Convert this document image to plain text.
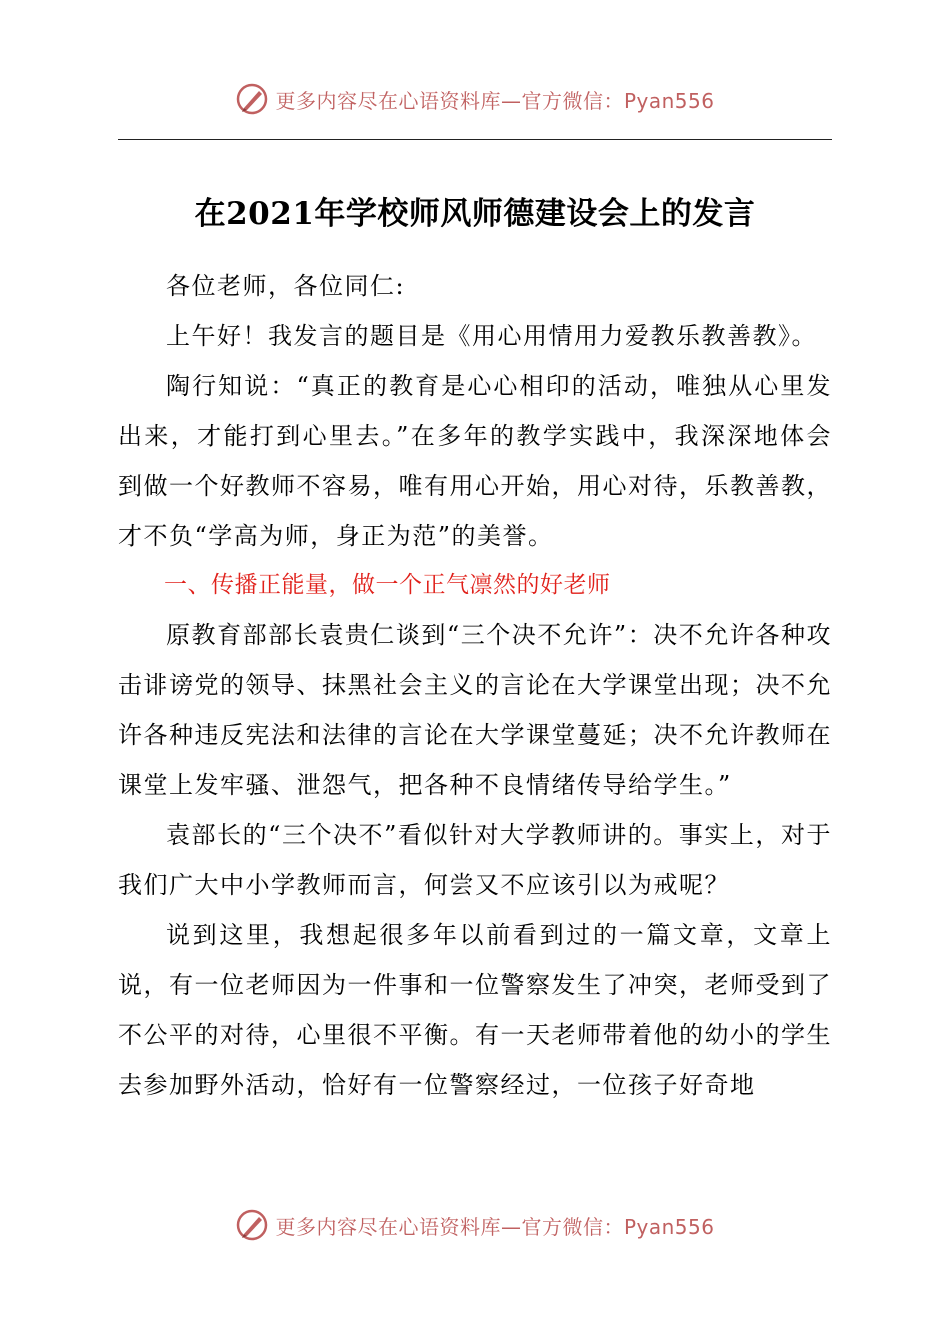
更多内容尽在心语资料库—官方微信：Pyan556
在2021年学校师风师德建设会上的发言

各位老师，各位同仁:

上午好！我发言的题目是《用心用情用力爱教乐教善教》。

陶行知说：“真正的教育是心心相印的活动，唯独从心里发出来，才能打到心里去。”在多年的教学实践中，我深深地体会到做一个好教师不容易，唯有用心开始，用心对待，乐教善教，才不负“学高为师，身正为范”的美誉。

一、传播正能量，做一个正气凛然的好老师

原教育部部长袁贵仁谈到“三个决不允许”：决不允许各种攻击诽谤党的领导、抹黑社会主义的言论在大学课堂出现；决不允许各种违反宪法和法律的言论在大学课堂蔓延；决不允许教师在课堂上发牢骚、泄怨气，把各种不良情绪传导给学生。”

袁部长的“三个决不”看似针对大学教师讲的。事实上，对于我们广大中小学教师而言，何尝又不应该引以为戒呢？

说到这里，我想起很多年以前看到过的一篇文章，文章上说，有一位老师因为一件事和一位警察发生了冲突，老师受到了不公平的对待，心里很不平衡。有一天老师带着他的幼小的学生去参加野外活动，恰好有一位警察经过，一位孩子好奇地

更多内容尽在心语资料库—官方微信：Pyan556
